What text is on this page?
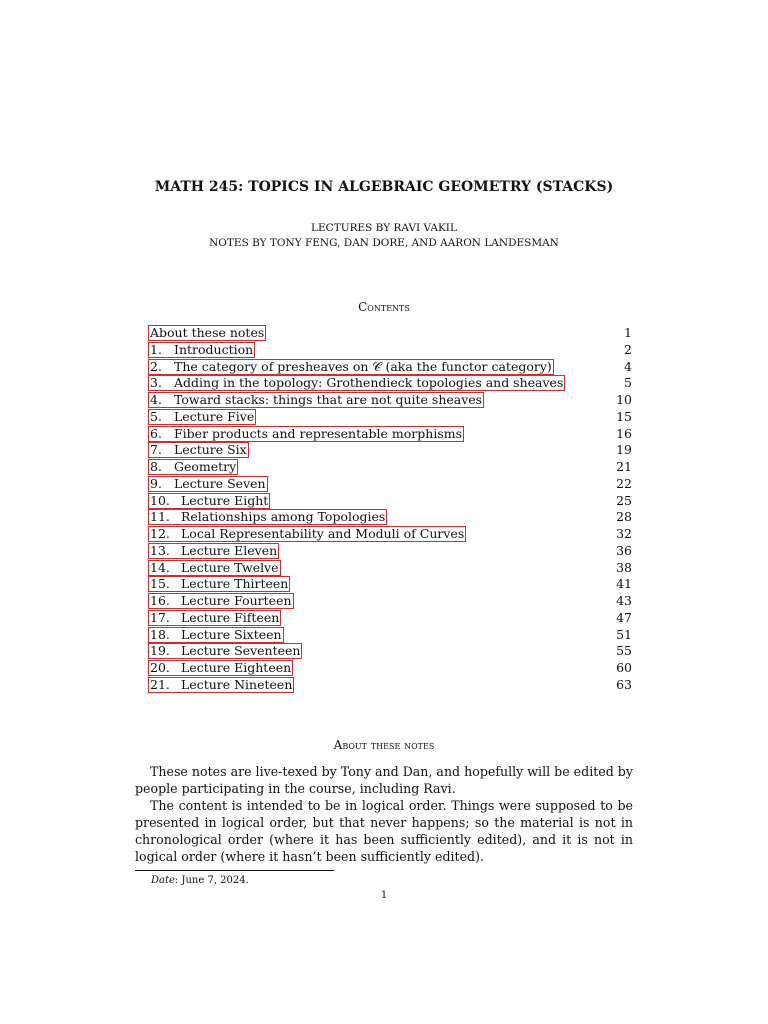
MATH 245: TOPICS IN ALGEBRAIC GEOMETRY (STACKS)
LECTURES BY RAVI VAKIL
NOTES BY TONY FENG, DAN DORE, AND AARON LANDESMAN
Contents
About these notes	1
1. Introduction	2
2. The category of presheaves on 𝒞 (aka the functor category)	4
3. Adding in the topology: Grothendieck topologies and sheaves	5
4. Toward stacks: things that are not quite sheaves	10
5. Lecture Five	15
6. Fiber products and representable morphisms	16
7. Lecture Six	19
8. Geometry	21
9. Lecture Seven	22
10. Lecture Eight	25
11. Relationships among Topologies	28
12. Local Representability and Moduli of Curves	32
13. Lecture Eleven	36
14. Lecture Twelve	38
15. Lecture Thirteen	41
16. Lecture Fourteen	43
17. Lecture Fifteen	47
18. Lecture Sixteen	51
19. Lecture Seventeen	55
20. Lecture Eighteen	60
21. Lecture Nineteen	63
About these notes

These notes are live-texed by Tony and Dan, and hopefully will be edited by people participating in the course, including Ravi.

The content is intended to be in logical order. Things were supposed to be presented in logical order, but that never happens; so the material is not in chronological order (where it has been sufficiently edited), and it is not in logical order (where it hasn’t been sufficiently edited).

Date: June 7, 2024.
1
